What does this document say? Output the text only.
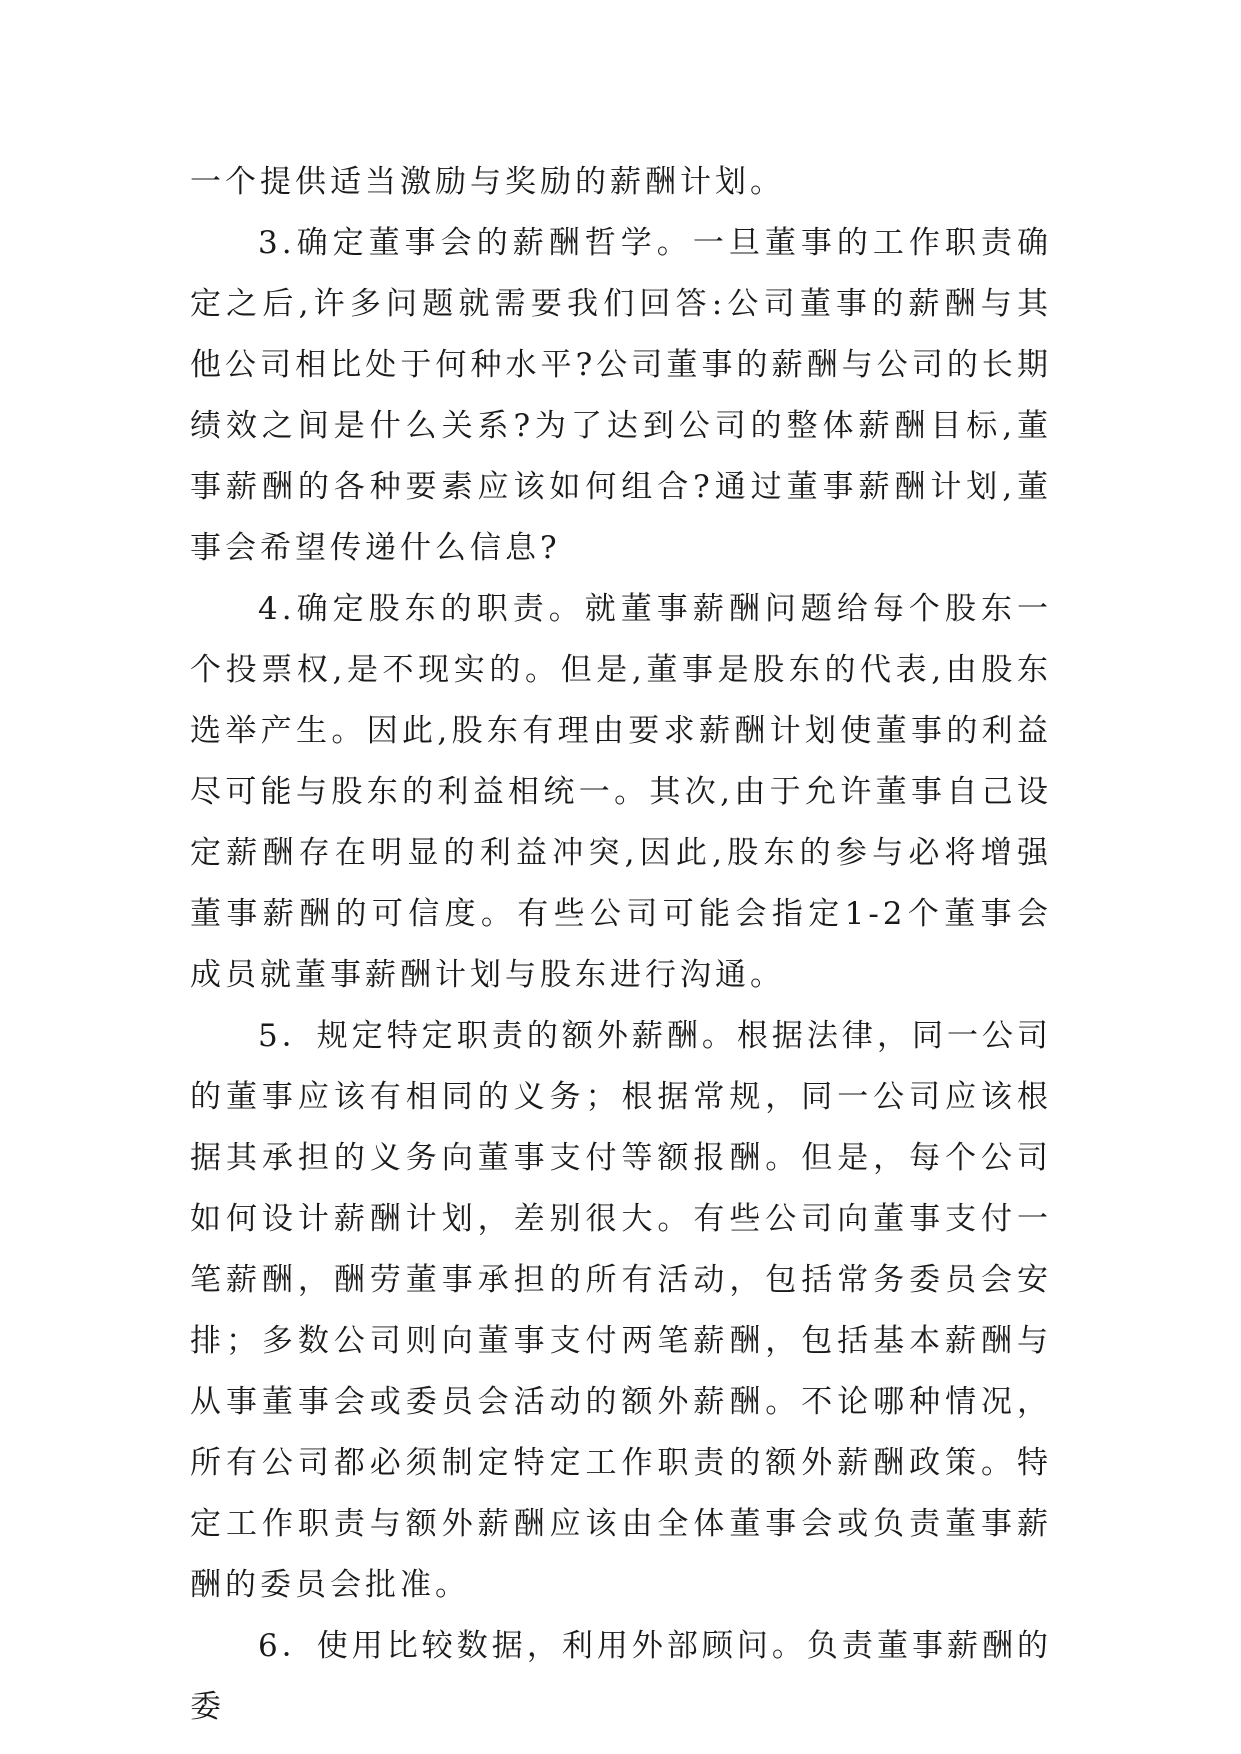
一个提供适当激励与奖励的薪酬计划。

3.确定董事会的薪酬哲学。一旦董事的工作职责确定之后,许多问题就需要我们回答:公司董事的薪酬与其他公司相比处于何种水平?公司董事的薪酬与公司的长期绩效之间是什么关系?为了达到公司的整体薪酬目标,董事薪酬的各种要素应该如何组合?通过董事薪酬计划,董事会希望传递什么信息?

4.确定股东的职责。就董事薪酬问题给每个股东一个投票权,是不现实的。但是,董事是股东的代表,由股东选举产生。因此,股东有理由要求薪酬计划使董事的利益尽可能与股东的利益相统一。其次,由于允许董事自己设定薪酬存在明显的利益冲突,因此,股东的参与必将增强董事薪酬的可信度。有些公司可能会指定1-2个董事会成员就董事薪酬计划与股东进行沟通。

5．规定特定职责的额外薪酬。根据法律，同一公司的董事应该有相同的义务；根据常规，同一公司应该根据其承担的义务向董事支付等额报酬。但是，每个公司如何设计薪酬计划，差别很大。有些公司向董事支付一笔薪酬，酬劳董事承担的所有活动，包括常务委员会安排；多数公司则向董事支付两笔薪酬，包括基本薪酬与从事董事会或委员会活动的额外薪酬。不论哪种情况，所有公司都必须制定特定工作职责的额外薪酬政策。特定工作职责与额外薪酬应该由全体董事会或负责董事薪酬的委员会批准。

6．使用比较数据，利用外部顾问。负责董事薪酬的委
